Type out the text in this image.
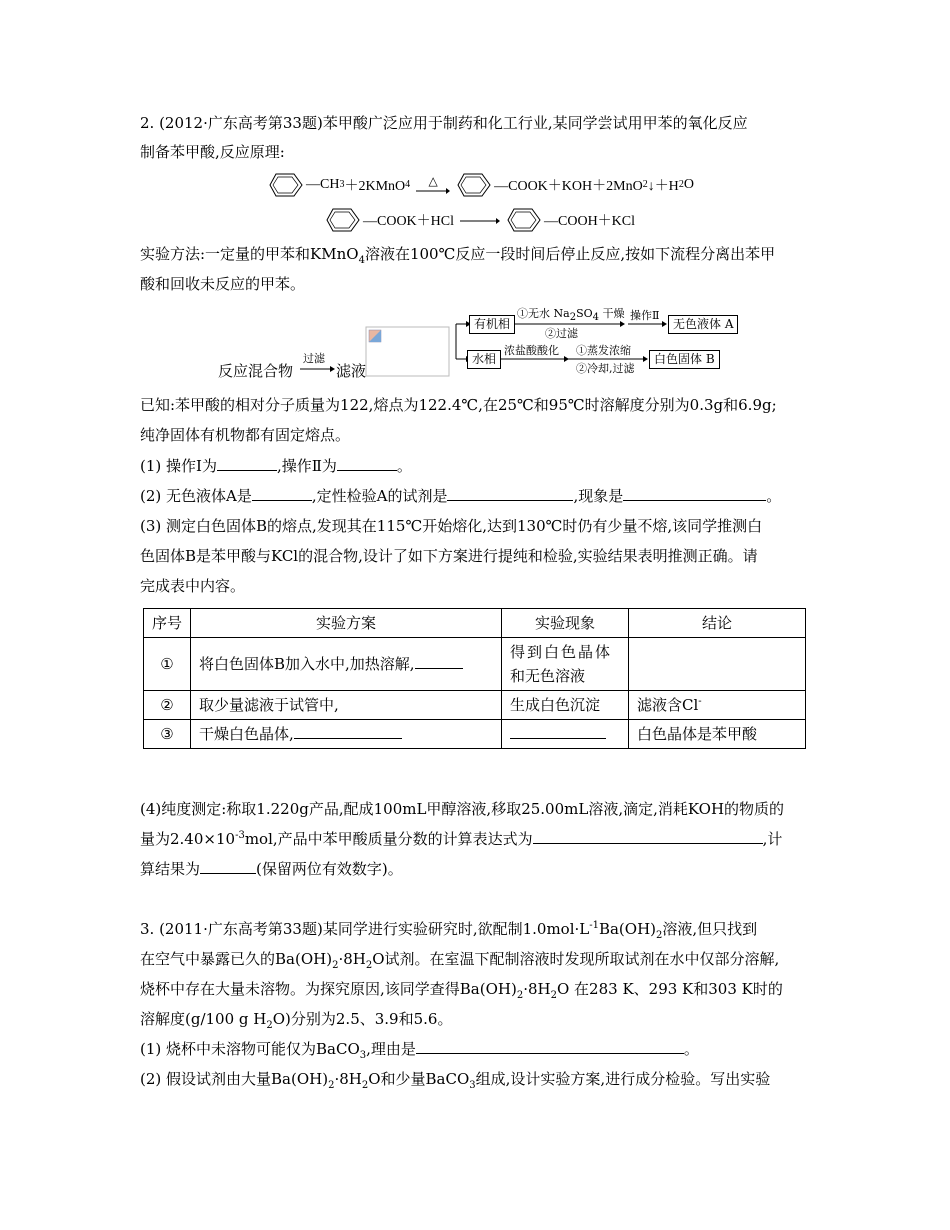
2. (2012·广东高考第33题)苯甲酸广泛应用于制药和化工行业,某同学尝试用甲苯的氧化反应
制备苯甲酸,反应原理:
—CH 3 ＋2KMnO 4 △	—COOK＋KOH＋2MnO 2 ↓＋H 2 O
—COOK＋HCl	—COOH＋KCl
实验方法:一定量的甲苯和KMnO$_4$溶液在100℃反应一段时间后停止反应,按如下流程分离出苯甲
酸和回收未反应的甲苯。
过滤
反应混合物	滤液
有机相
①无水 $Na_2SO_4$ 干燥
②过滤
操作Ⅱ
无色液体 A
水相
浓盐酸酸化 ①蒸发浓缩
②冷却,过滤
白色固体 B
已知:苯甲酸的相对分子质量为122,熔点为122.4℃,在25℃和95℃时溶解度分别为0.3g和6.9g;
纯净固体有机物都有固定熔点。
(1) 操作Ⅰ为	,操作Ⅱ为	。
(2) 无色液体A是	,定性检验A的试剂是	,现象是	。
(3) 测定白色固体B的熔点,发现其在115℃开始熔化,达到130℃时仍有少量不熔,该同学推测白
色固体B是苯甲酸与KCl的混合物,设计了如下方案进行提纯和检验,实验结果表明推测正确。请
完成表中内容。
序号	实验方案	实验现象	结论
①	将白色固体B加入水中,加热溶解,	得到白色晶体
和无色溶液	
②	取少量滤液于试管中,	生成白色沉淀	滤液含Cl-
③	干燥白色晶体,		白色晶体是苯甲酸
(4)纯度测定:称取1.220g产品,配成100mL甲醇溶液,移取25.00mL溶液,滴定,消耗KOH的物质的
量为$2.40\times 10^{-3}mol$,产品中苯甲酸质量分数的计算表达式为	,计
算结果为	(保留两位有效数字)。
3. (2011·广东高考第33题)某同学进行实验研究时,欲配制$1.0mol\cdot L^{-1}Ba(OH)_2$溶液,但只找到
在空气中暴露已久的$Ba(OH)_2\cdot 8H_2O$试剂。在室温下配制溶液时发现所取试剂在水中仅部分溶解,
烧杯中存在大量未溶物。为探究原因,该同学查得$Ba(OH)_2\cdot 8H_2O$ 在283 K、293 K和303 K时的
溶解度(g/100 g $H_2O$)分别为2.5、3.9和5.6。
(1) 烧杯中未溶物可能仅为BaCO$_3$,理由是	。
(2) 假设试剂由大量$Ba(OH)_2\cdot 8H_2O$和少量BaCO$_3$组成,设计实验方案,进行成分检验。写出实验
